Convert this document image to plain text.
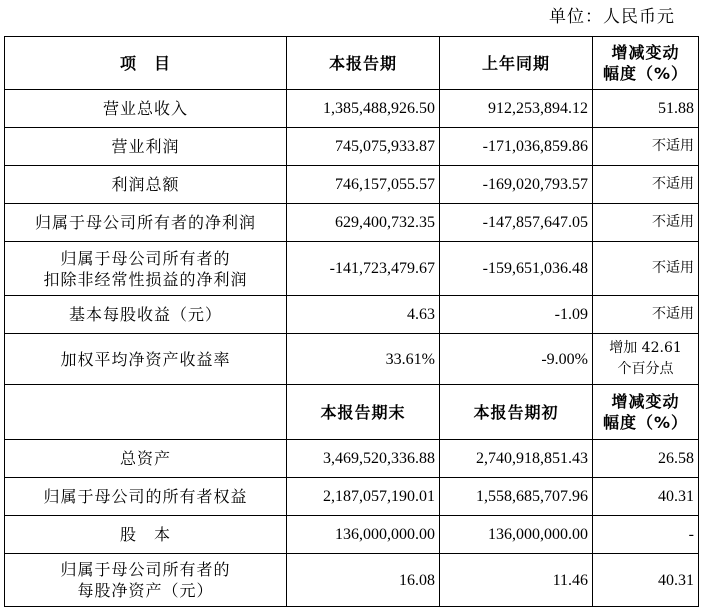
单位：人民币元
项　目	本报告期	上年同期	增减变动
幅度（%）

营业总收入	1,385,488,926.50	912,253,894.12	51.88
营业利润	745,075,933.87	-171,036,859.86	不适用
利润总额	746,157,055.57	-169,020,793.57	不适用
归属于母公司所有者的净利润	629,400,732.35	-147,857,647.05	不适用

归属于母公司所有者的
扣除非经常性损益的净利润	-141,723,479.67	-159,651,036.48	不适用
基本每股收益（元）	4.63	-1.09	不适用
加权平均净资产收益率	33.61%	-9.00%	增加 42.61
个百分点

	本报告期末	本报告期初	增减变动
幅度（%）

总资产	3,469,520,336.88	2,740,918,851.43	26.58
归属于母公司的所有者权益	2,187,057,190.01	1,558,685,707.96	40.31
股　本	136,000,000.00	136,000,000.00	-

归属于母公司所有者的
每股净资产（元）	16.08	11.46	40.31
